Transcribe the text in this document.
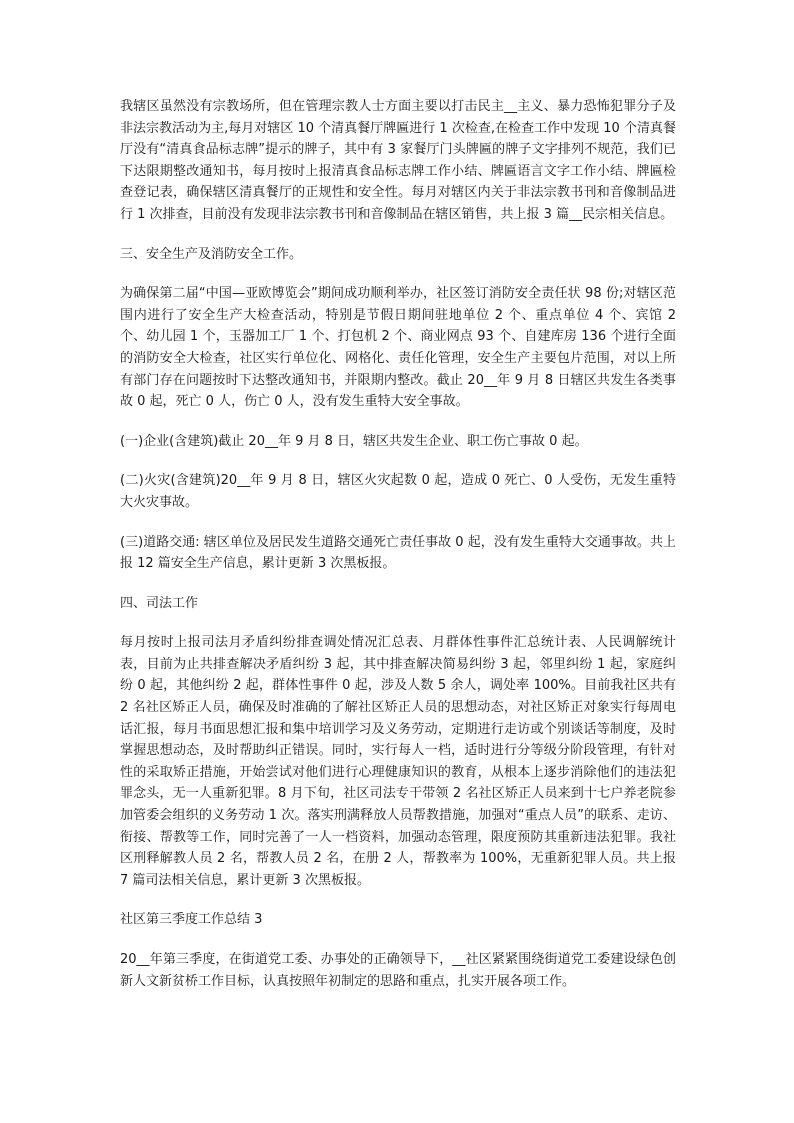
我辖区虽然没有宗教场所，但在管理宗教人士方面主要以打击民主__主义、暴力恐怖犯罪分子及非法宗教活动为主,每月对辖区 10 个清真餐厅牌匾进行 1 次检查,在检查工作中发现 10 个清真餐厅没有“清真食品标志牌”提示的牌子，其中有 3 家餐厅门头牌匾的牌子文字排列不规范，我们已下达限期整改通知书，每月按时上报清真食品标志牌工作小结、牌匾语言文字工作小结、牌匾检查登记表，确保辖区清真餐厅的正规性和安全性。每月对辖区内关于非法宗教书刊和音像制品进行 1 次排查，目前没有发现非法宗教书刊和音像制品在辖区销售，共上报 3 篇__民宗相关信息。

三、安全生产及消防安全工作。

为确保第二届“中国—亚欧博览会”期间成功顺利举办，社区签订消防安全责任状 98 份;对辖区范围内进行了安全生产大检查活动，特别是节假日期间驻地单位 2 个、重点单位 4 个、宾馆 2 个、幼儿园 1 个，玉器加工厂 1 个、打包机 2 个、商业网点 93 个、自建库房 136 个进行全面的消防安全大检查，社区实行单位化、网格化、责任化管理，安全生产主要包片范围，对以上所有部门存在问题按时下达整改通知书，并限期内整改。截止 20__年 9 月 8 日辖区共发生各类事故 0 起，死亡 0 人，伤亡 0 人，没有发生重特大安全事故。

(一)企业(含建筑)截止 20__年 9 月 8 日，辖区共发生企业、职工伤亡事故 0 起。

(二)火灾(含建筑)20__年 9 月 8 日，辖区火灾起数 0 起，造成 0 死亡、0 人受伤，无发生重特大火灾事故。

(三)道路交通: 辖区单位及居民发生道路交通死亡责任事故 0 起，没有发生重特大交通事故。共上报 12 篇安全生产信息，累计更新 3 次黑板报。

四、司法工作

每月按时上报司法月矛盾纠纷排查调处情况汇总表、月群体性事件汇总统计表、人民调解统计表，目前为止共排查解决矛盾纠纷 3 起，其中排查解决简易纠纷 3 起，邻里纠纷 1 起，家庭纠纷 0 起，其他纠纷 2 起，群体性事件 0 起，涉及人数 5 余人，调处率 100%。目前我社区共有 2 名社区矫正人员，确保及时准确的了解社区矫正人员的思想动态，对社区矫正对象实行每周电话汇报，每月书面思想汇报和集中培训学习及义务劳动，定期进行走访或个别谈话等制度，及时掌握思想动态，及时帮助纠正错误。同时，实行每人一档，适时进行分等级分阶段管理，有针对性的采取矫正措施，开始尝试对他们进行心理健康知识的教育，从根本上逐步消除他们的违法犯罪念头，无一人重新犯罪。8 月下旬，社区司法专干带领 2 名社区矫正人员来到十七户养老院参加管委会组织的义务劳动 1 次。落实刑满释放人员帮教措施，加强对“重点人员”的联系、走访、衔接、帮教等工作，同时完善了一人一档资料，加强动态管理，限度预防其重新违法犯罪。我社区刑释解教人员 2 名，帮教人员 2 名，在册 2 人，帮教率为 100%，无重新犯罪人员。共上报 7 篇司法相关信息，累计更新 3 次黑板报。

社区第三季度工作总结 3

20__年第三季度，在街道党工委、办事处的正确领导下，__社区紧紧围绕街道党工委建设绿色创新人文新贫桥工作目标，认真按照年初制定的思路和重点，扎实开展各项工作。
